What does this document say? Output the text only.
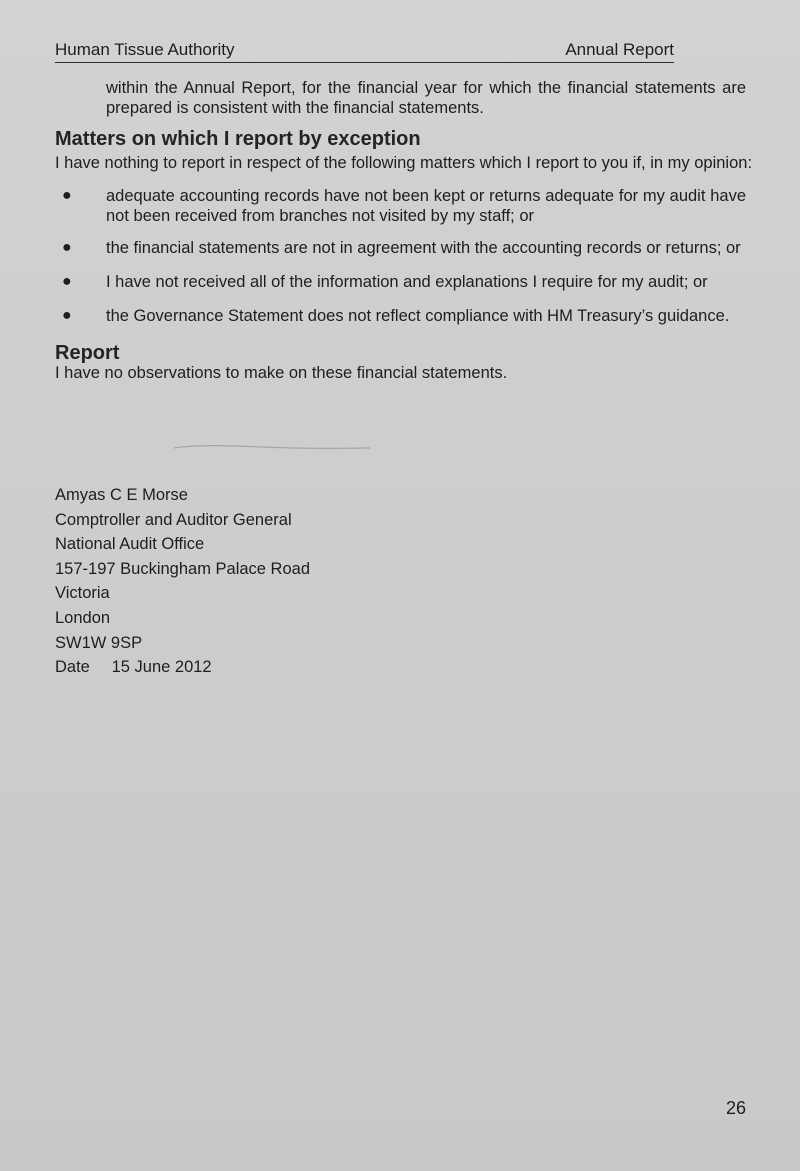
Human Tissue Authority	Annual Report
within the Annual Report, for the financial year for which the financial statements are prepared is consistent with the financial statements.
Matters on which I report by exception
I have nothing to report in respect of the following matters which I report to you if, in my opinion:
● adequate accounting records have not been kept or returns adequate for my audit have not been received from branches not visited by my staff; or
● the financial statements are not in agreement with the accounting records or returns; or
● I have not received all of the information and explanations I require for my audit; or
● the Governance Statement does not reflect compliance with HM Treasury’s guidance.
Report
I have no observations to make on these financial statements.
Amyas C E Morse
Comptroller and Auditor General
National Audit Office
157-197 Buckingham Palace Road
Victoria
London
SW1W 9SP
Date 15 June 2012
26
